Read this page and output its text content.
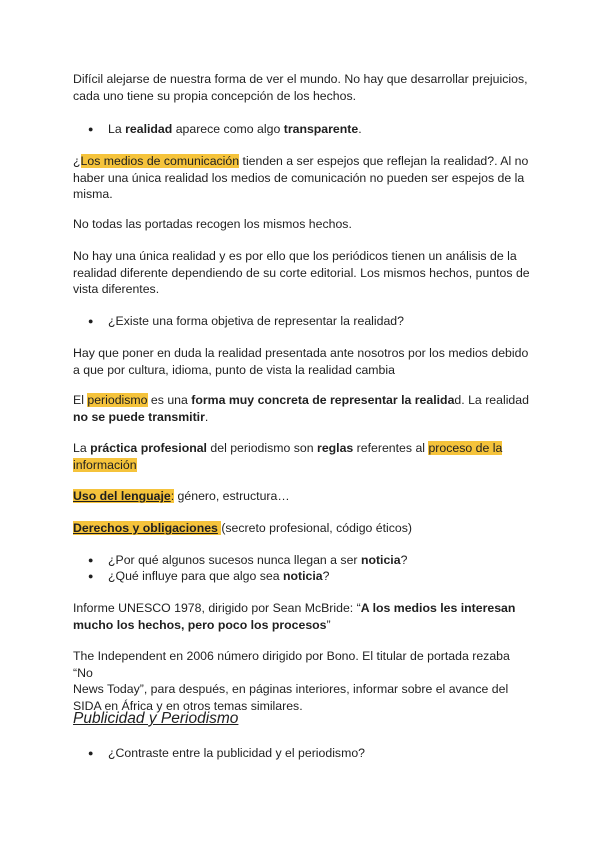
Difícil alejarse de nuestra forma de ver el mundo. No hay que desarrollar prejuicios,
cada uno tiene su propia concepción de los hechos.

●	La realidad aparece como algo transparente.

¿Los medios de comunicación tienden a ser espejos que reflejan la realidad?. Al no
haber una única realidad los medios de comunicación no pueden ser espejos de la
misma.

No todas las portadas recogen los mismos hechos.

No hay una única realidad y es por ello que los periódicos tienen un análisis de la
realidad diferente dependiendo de su corte editorial. Los mismos hechos, puntos de
vista diferentes.

●	¿Existe una forma objetiva de representar la realidad?

Hay que poner en duda la realidad presentada ante nosotros por los medios debido
a que por cultura, idioma, punto de vista la realidad cambia

El periodismo es una forma muy concreta de representar la realidad. La realidad
no se puede transmitir.

La práctica profesional del periodismo son reglas referentes al proceso de la
información

Uso del lenguaje: género, estructura…

Derechos y obligaciones (secreto profesional, código éticos)

●	¿Por qué algunos sucesos nunca llegan a ser noticia?
●	¿Qué influye para que algo sea noticia?

Informe UNESCO 1978, dirigido por Sean McBride: “A los medios les interesan
mucho los hechos, pero poco los procesos”

The Independent en 2006 número dirigido por Bono. El titular de portada rezaba “No
News Today”, para después, en páginas interiores, informar sobre el avance del
SIDA en África y en otros temas similares.

Publicidad y Periodismo
●	¿Contraste entre la publicidad y el periodismo?
